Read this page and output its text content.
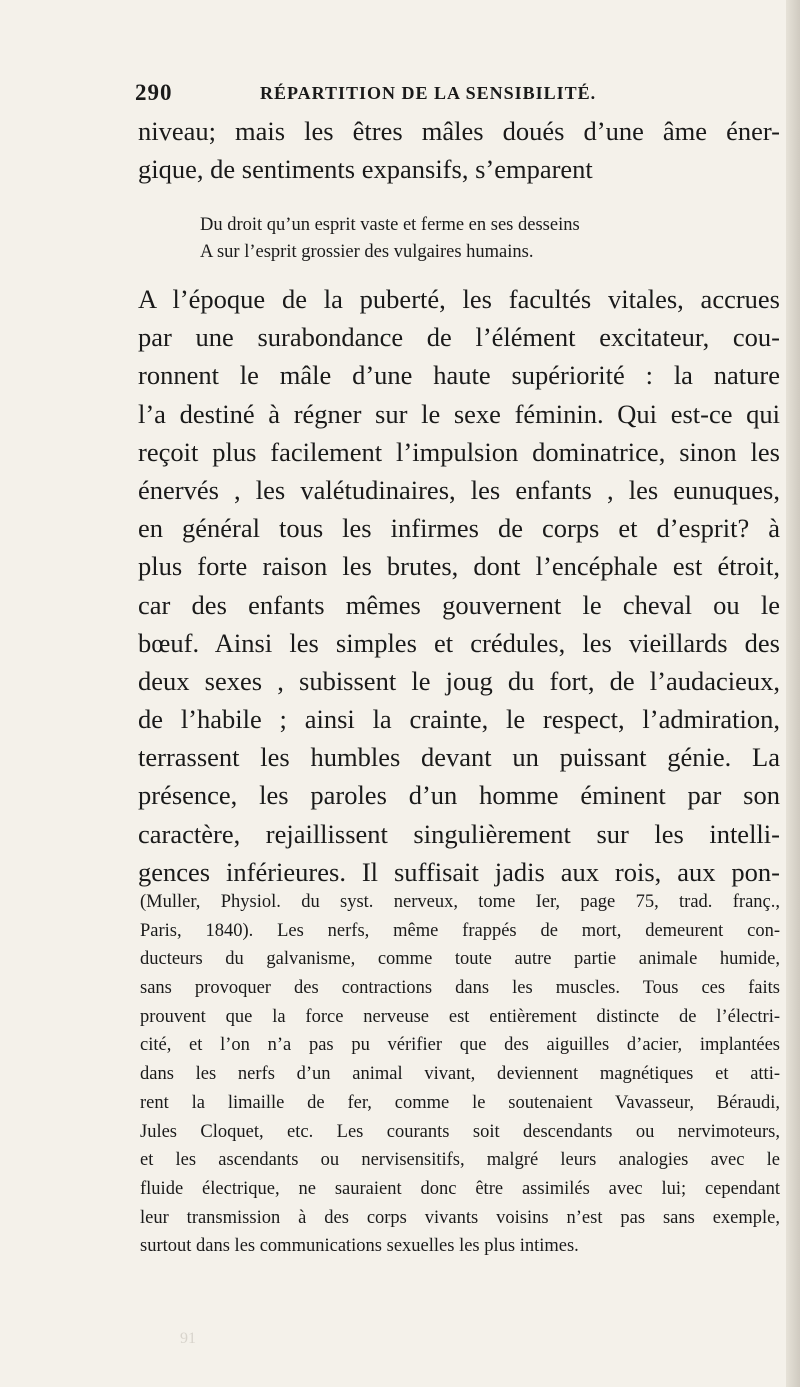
290	RÉPARTITION DE LA SENSIBILITÉ.
niveau; mais les êtres mâles doués d’une âme éner-
gique, de sentiments expansifs, s’emparent
Du droit qu’un esprit vaste et ferme en ses desseins
A sur l’esprit grossier des vulgaires humains.
A l’époque de la puberté, les facultés vitales, accrues
par une surabondance de l’élément excitateur, cou-
ronnent le mâle d’une haute supériorité : la nature
l’a destiné à régner sur le sexe féminin. Qui est-ce qui
reçoit plus facilement l’impulsion dominatrice, sinon les
énervés , les valétudinaires, les enfants , les eunuques,
en général tous les infirmes de corps et d’esprit? à
plus forte raison les brutes, dont l’encéphale est étroit,
car des enfants mêmes gouvernent le cheval ou le
bœuf. Ainsi les simples et crédules, les vieillards des
deux sexes , subissent le joug du fort, de l’audacieux,
de l’habile ; ainsi la crainte, le respect, l’admiration,
terrassent les humbles devant un puissant génie. La
présence, les paroles d’un homme éminent par son
caractère, rejaillissent singulièrement sur les intelli-
gences inférieures. Il suffisait jadis aux rois, aux pon-
(Muller, Physiol. du syst. nerveux, tome Ier, page 75, trad. franç.,
Paris, 1840). Les nerfs, même frappés de mort, demeurent con-
ducteurs du galvanisme, comme toute autre partie animale humide,
sans provoquer des contractions dans les muscles. Tous ces faits
prouvent que la force nerveuse est entièrement distincte de l’électri-
cité, et l’on n’a pas pu vérifier que des aiguilles d’acier, implantées
dans les nerfs d’un animal vivant, deviennent magnétiques et atti-
rent la limaille de fer, comme le soutenaient Vavasseur, Béraudi,
Jules Cloquet, etc. Les courants soit descendants ou nervimoteurs,
et les ascendants ou nervisensitifs, malgré leurs analogies avec le
fluide électrique, ne sauraient donc être assimilés avec lui; cependant
leur transmission à des corps vivants voisins n’est pas sans exemple,
surtout dans les communications sexuelles les plus intimes.
91
